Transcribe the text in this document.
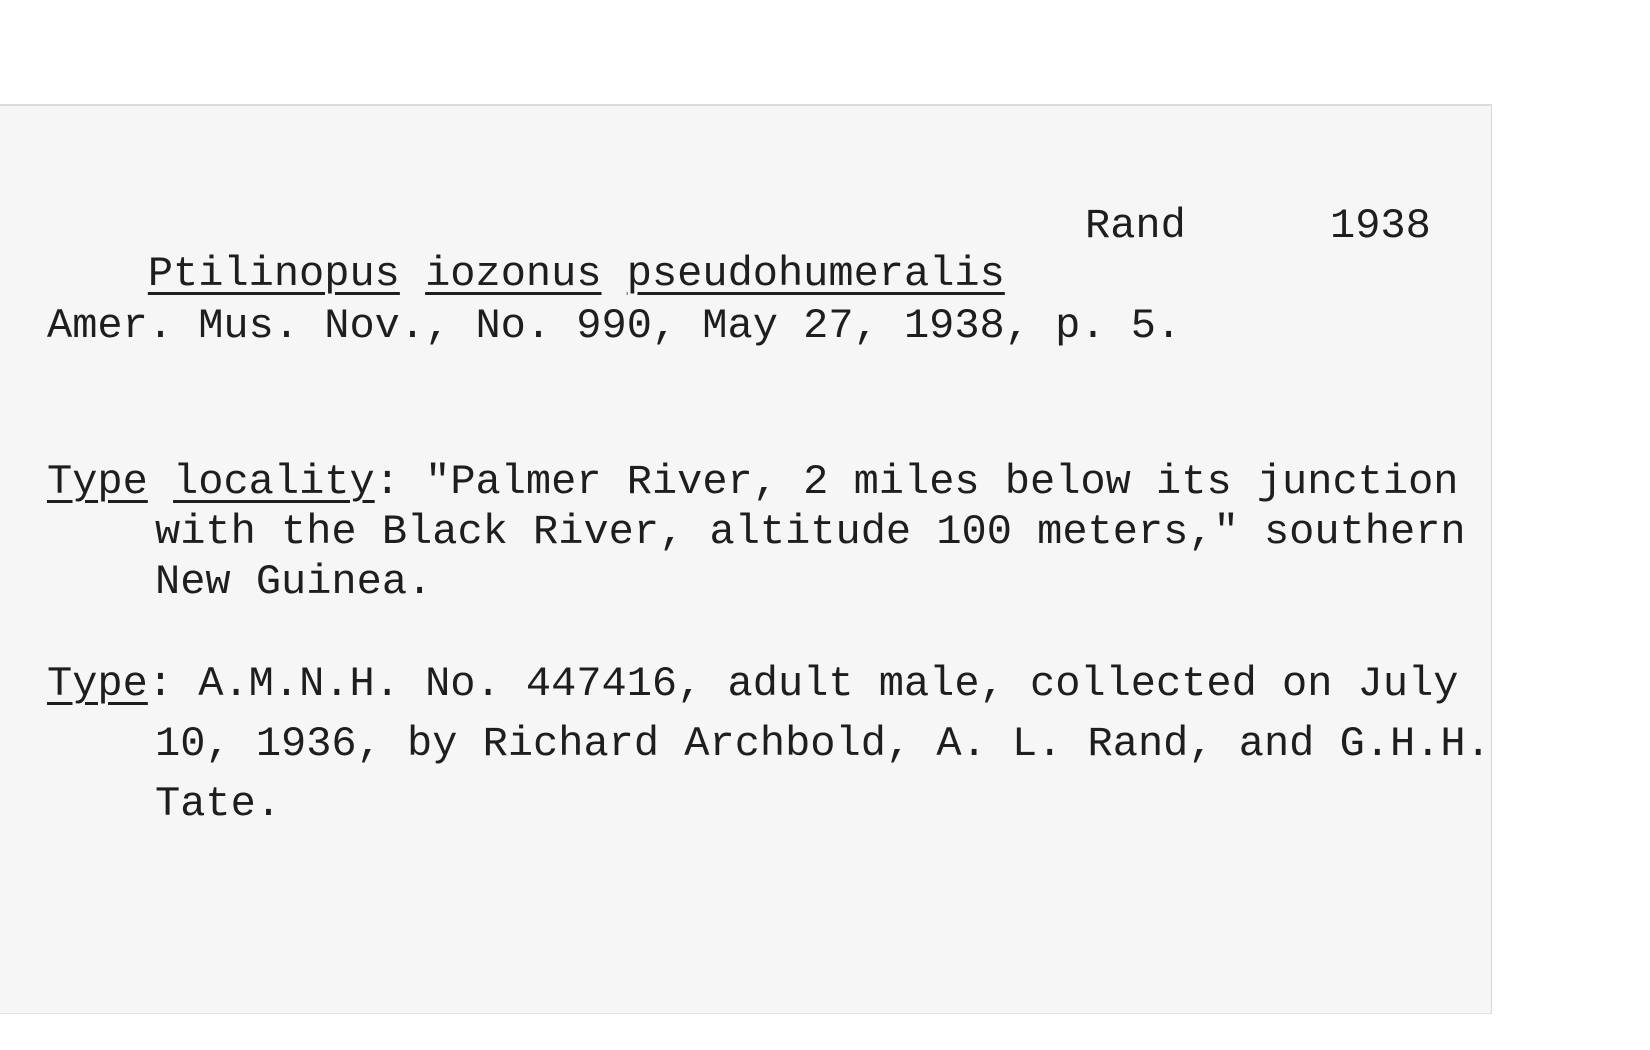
Ptilinopus iozonus pseudohumeralis

Rand	1938
Amer. Mus. Nov., No. 990, May 27, 1938, p. 5.
Type locality: "Palmer River, 2 miles below its junction
with the Black River, altitude 100 meters," southern
New Guinea.
Type: A.M.N.H. No. 447416, adult male, collected on July
10, 1936, by Richard Archbold, A. L. Rand, and G.H.H.
Tate.
